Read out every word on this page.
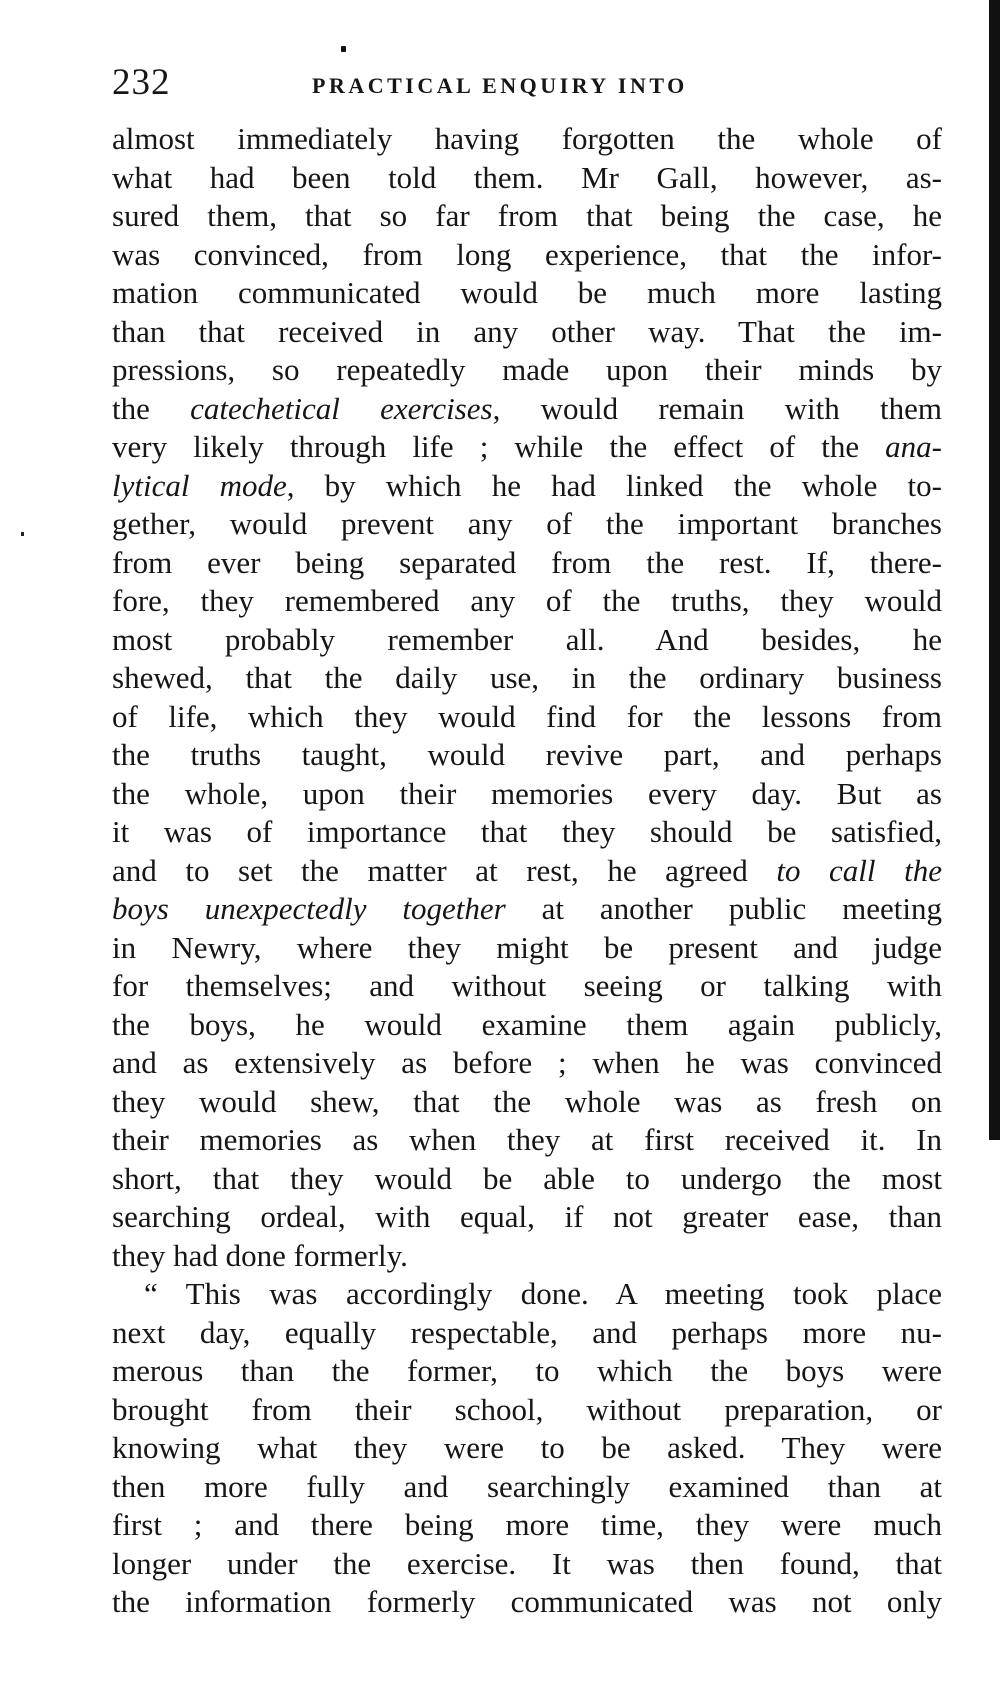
232	PRACTICAL ENQUIRY INTO
almost immediately having forgotten the whole of
what had been told them. Mr Gall, however, as-
sured them, that so far from that being the case, he
was convinced, from long experience, that the infor-
mation communicated would be much more lasting
than that received in any other way. That the im-
pressions, so repeatedly made upon their minds by
the catechetical exercises, would remain with them
very likely through life ; while the effect of the ana-
lytical mode, by which he had linked the whole to-
gether, would prevent any of the important branches
from ever being separated from the rest. If, there-
fore, they remembered any of the truths, they would
most probably remember all. And besides, he
shewed, that the daily use, in the ordinary business
of life, which they would find for the lessons from
the truths taught, would revive part, and perhaps
the whole, upon their memories every day. But as
it was of importance that they should be satisfied,
and to set the matter at rest, he agreed to call the
boys unexpectedly together at another public meeting
in Newry, where they might be present and judge
for themselves; and without seeing or talking with
the boys, he would examine them again publicly,
and as extensively as before ; when he was convinced
they would shew, that the whole was as fresh on
their memories as when they at first received it. In
short, that they would be able to undergo the most
searching ordeal, with equal, if not greater ease, than
they had done formerly.
“ This was accordingly done. A meeting took place
next day, equally respectable, and perhaps more nu-
merous than the former, to which the boys were
brought from their school, without preparation, or
knowing what they were to be asked. They were
then more fully and searchingly examined than at
first ; and there being more time, they were much
longer under the exercise. It was then found, that
the information formerly communicated was not only
